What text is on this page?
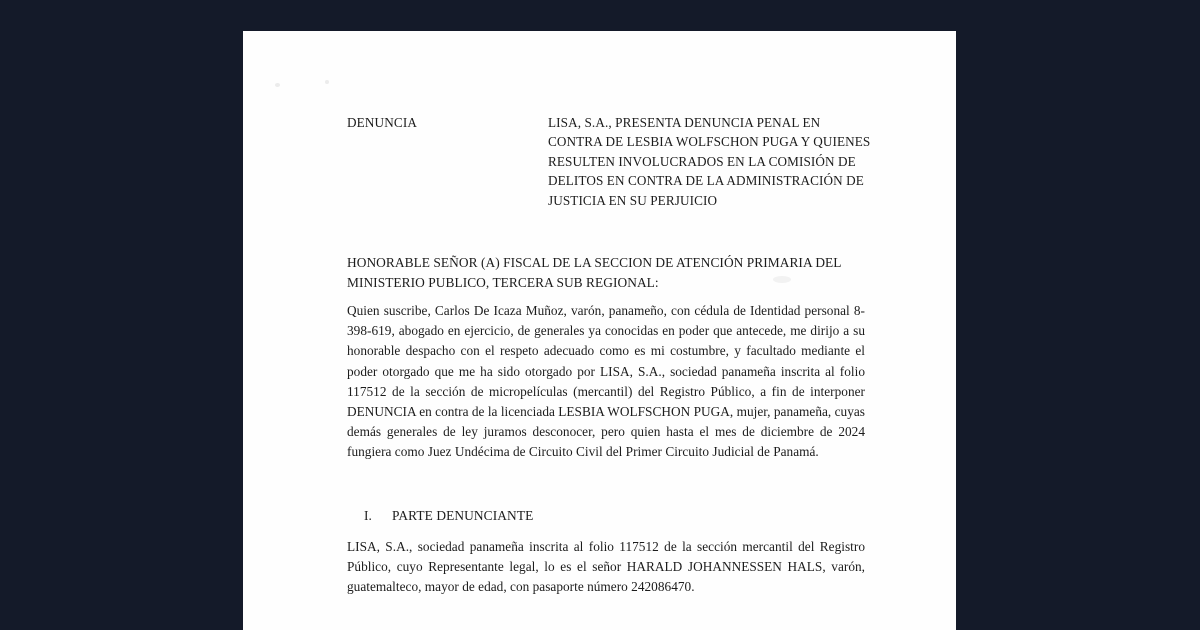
DENUNCIA	LISA, S.A., PRESENTA DENUNCIA PENAL EN CONTRA DE LESBIA WOLFSCHON PUGA Y QUIENES RESULTEN INVOLUCRADOS EN LA COMISIÓN DE DELITOS EN CONTRA DE LA ADMINISTRACIÓN DE JUSTICIA EN SU PERJUICIO
HONORABLE SEÑOR (A) FISCAL DE LA SECCION DE ATENCIÓN PRIMARIA DEL MINISTERIO PUBLICO, TERCERA SUB REGIONAL:
Quien suscribe, Carlos De Icaza Muñoz, varón, panameño, con cédula de Identidad personal 8-398-619, abogado en ejercicio, de generales ya conocidas en poder que antecede, me dirijo a su honorable despacho con el respeto adecuado como es mi costumbre, y facultado mediante el poder otorgado que me ha sido otorgado por LISA, S.A., sociedad panameña inscrita al folio 117512 de la sección de micropelículas (mercantil) del Registro Público, a fin de interponer DENUNCIA en contra de la licenciada LESBIA WOLFSCHON PUGA, mujer, panameña, cuyas demás generales de ley juramos desconocer, pero quien hasta el mes de diciembre de 2024 fungiera como Juez Undécima de Circuito Civil del Primer Circuito Judicial de Panamá.
I.	PARTE DENUNCIANTE
LISA, S.A., sociedad panameña inscrita al folio 117512 de la sección mercantil del Registro Público, cuyo Representante legal, lo es el señor HARALD JOHANNESSEN HALS, varón, guatemalteco, mayor de edad, con pasaporte número 242086470.
